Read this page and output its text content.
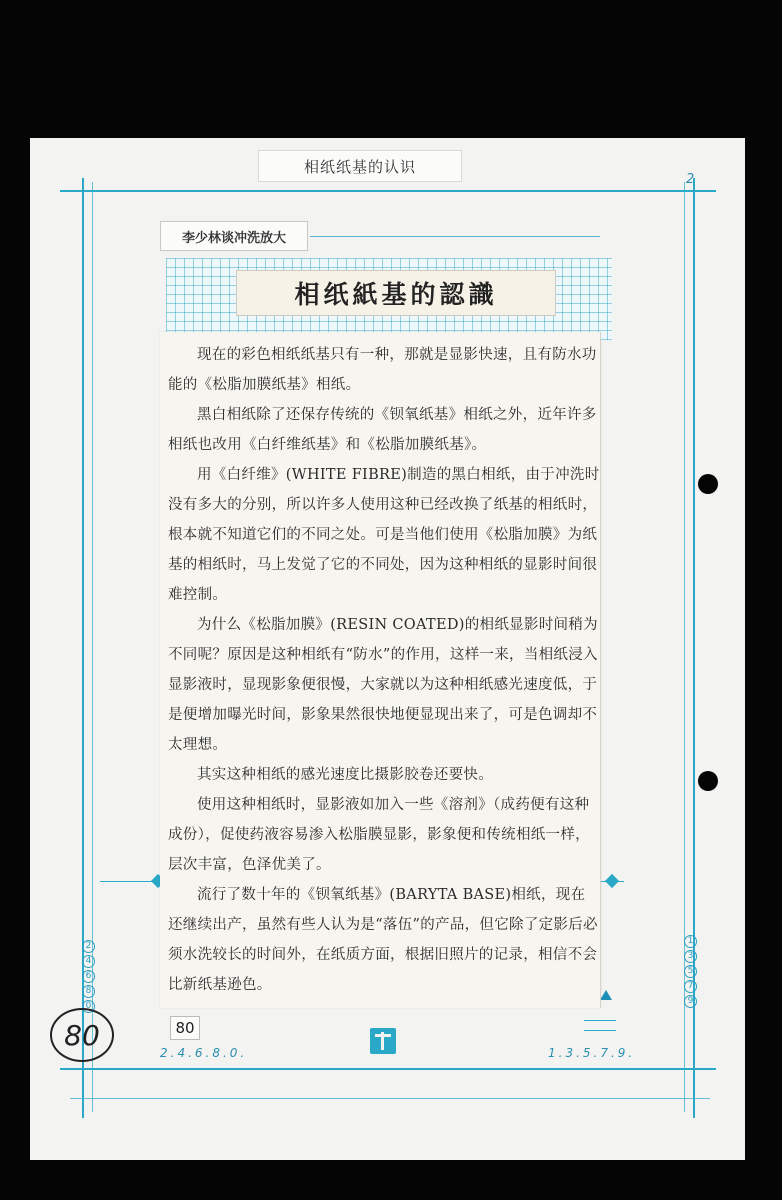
相纸纸基的认识
李少林谈冲洗放大
2
相纸紙基的認識

现在的彩色相纸纸基只有一种，那就是显影快速，且有防水功能的《松脂加膜纸基》相纸。

黑白相纸除了还保存传统的《钡氧纸基》相纸之外，近年许多相纸也改用《白纤维纸基》和《松脂加膜纸基》。

用《白纤维》(WHITE FIBRE)制造的黑白相纸，由于冲洗时没有多大的分别，所以许多人使用这种已经改换了纸基的相纸时，根本就不知道它们的不同之处。可是当他们使用《松脂加膜》为纸基的相纸时，马上发觉了它的不同处，因为这种相纸的显影时间很难控制。

为什么《松脂加膜》(RESIN COATED)的相纸显影时间稍为不同呢？原因是这种相纸有“防水”的作用，这样一来，当相纸浸入显影液时，显现影象便很慢，大家就以为这种相纸感光速度低，于是便增加曝光时间，影象果然很快地便显现出来了，可是色调却不太理想。

其实这种相纸的感光速度比摄影胶卷还要快。

使用这种相纸时，显影液如加入一些《溶剂》（成药便有这种成份），促使药液容易渗入松脂膜显影，影象便和传统相纸一样，层次丰富，色泽优美了。

流行了数十年的《钡氧纸基》(BARYTA BASE)相纸，现在还继续出产，虽然有些人认为是“落伍”的产品，但它除了定影后必须水洗较长的时间外，在纸质方面，根据旧照片的记录，相信不会比新纸基逊色。

2
4
6
8
0
1
3
5
7
9
80	80
2.4.6.8.0.	1.3.5.7.9.
